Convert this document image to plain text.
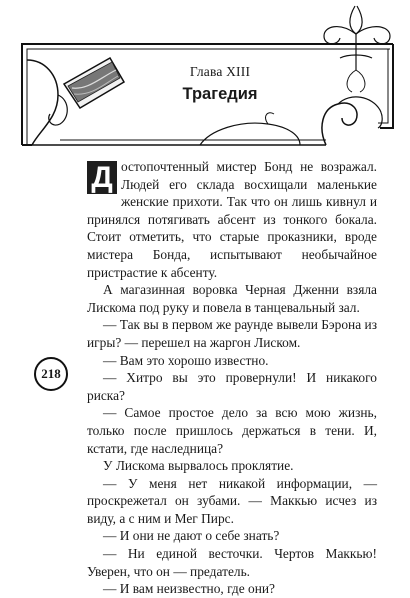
Глава XIII
Трагедия
218

Д остопочтенный мистер Бонд не возражал. Людей его склада восхищали маленькие женские прихоти. Так что он лишь кивнул и принялся потягивать абсент из тонкого бокала. Стоит отметить, что старые проказники, вроде мистера Бонда, испытывают необычайное пристрастие к абсенту.

А магазинная воровка Черная Дженни взяла Лискома под руку и повела в танцевальный зал.

— Так вы в первом же раунде вывели Бэрона из игры? — перешел на жаргон Лиском.

— Вам это хорошо известно.

— Хитро вы это провернули! И никакого риска?

— Самое простое дело за всю мою жизнь, только после пришлось держаться в тени. И, кстати, где наследница?

У Лискома вырвалось проклятие.

— У меня нет никакой информации, — проскрежетал он зубами. — Маккью исчез из виду, а с ним и Мег Пирс.

— И они не дают о себе знать?

— Ни единой весточки. Чертов Маккью! Уверен, что он — предатель.

— И вам неизвестно, где они?
